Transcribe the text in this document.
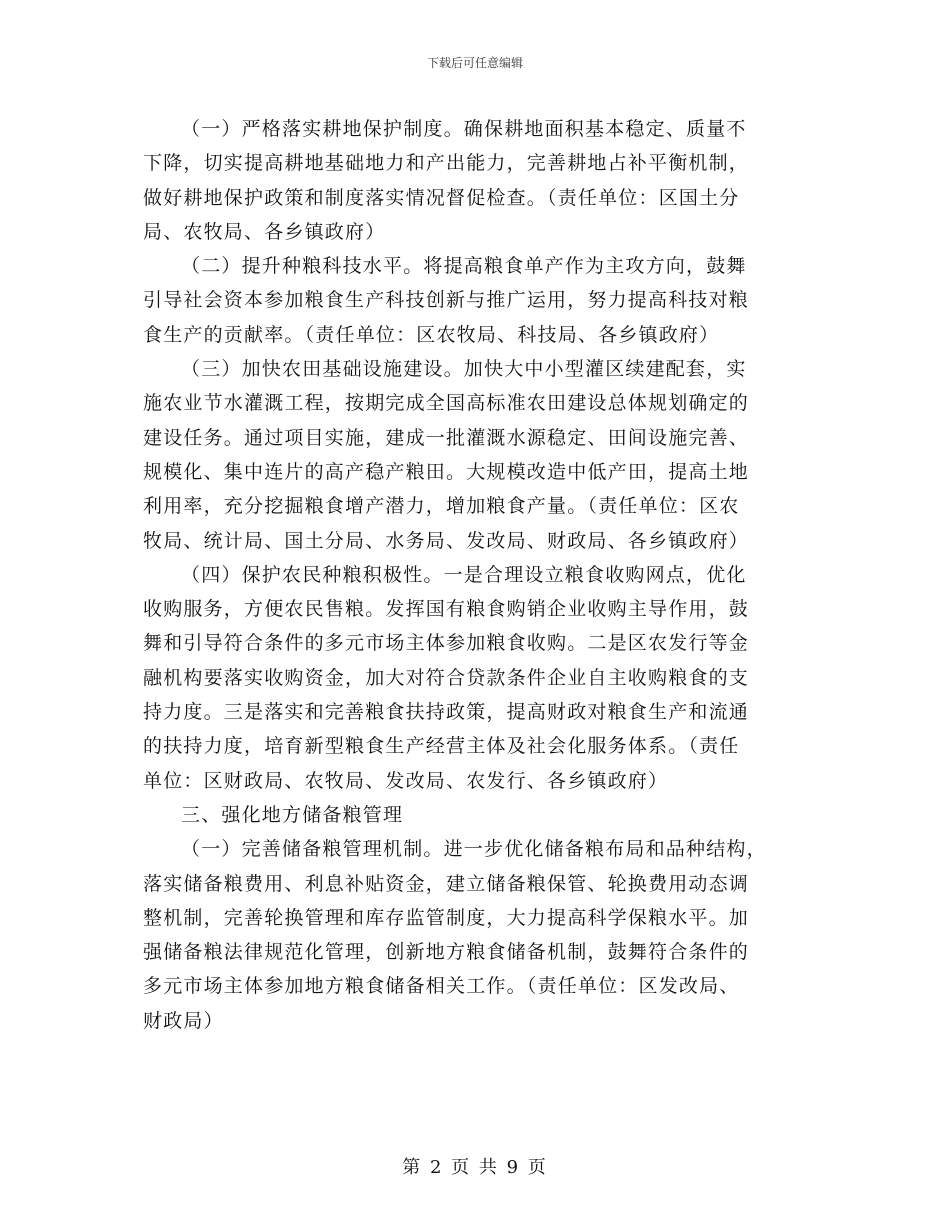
下载后可任意编辑

（一）严格落实耕地保护制度。确保耕地面积基本稳定、质量不
下降，切实提高耕地基础地力和产出能力，完善耕地占补平衡机制，
做好耕地保护政策和制度落实情况督促检查。（责任单位：区国土分
局、农牧局、各乡镇政府）

（二）提升种粮科技水平。将提高粮食单产作为主攻方向，鼓舞
引导社会资本参加粮食生产科技创新与推广运用，努力提高科技对粮
食生产的贡献率。（责任单位：区农牧局、科技局、各乡镇政府）

（三）加快农田基础设施建设。加快大中小型灌区续建配套，实
施农业节水灌溉工程，按期完成全国高标准农田建设总体规划确定的
建设任务。通过项目实施，建成一批灌溉水源稳定、田间设施完善、
规模化、集中连片的高产稳产粮田。大规模改造中低产田，提高土地
利用率，充分挖掘粮食增产潜力，增加粮食产量。（责任单位：区农
牧局、统计局、国土分局、水务局、发改局、财政局、各乡镇政府）

（四）保护农民种粮积极性。一是合理设立粮食收购网点，优化
收购服务，方便农民售粮。发挥国有粮食购销企业收购主导作用，鼓
舞和引导符合条件的多元市场主体参加粮食收购。二是区农发行等金
融机构要落实收购资金，加大对符合贷款条件企业自主收购粮食的支
持力度。三是落实和完善粮食扶持政策，提高财政对粮食生产和流通
的扶持力度，培育新型粮食生产经营主体及社会化服务体系。（责任
单位：区财政局、农牧局、发改局、农发行、各乡镇政府）

三、强化地方储备粮管理

（一）完善储备粮管理机制。进一步优化储备粮布局和品种结构，
落实储备粮费用、利息补贴资金，建立储备粮保管、轮换费用动态调
整机制，完善轮换管理和库存监管制度，大力提高科学保粮水平。加
强储备粮法律规范化管理，创新地方粮食储备机制，鼓舞符合条件的
多元市场主体参加地方粮食储备相关工作。（责任单位：区发改局、
财政局）

第 2 页 共 9 页
